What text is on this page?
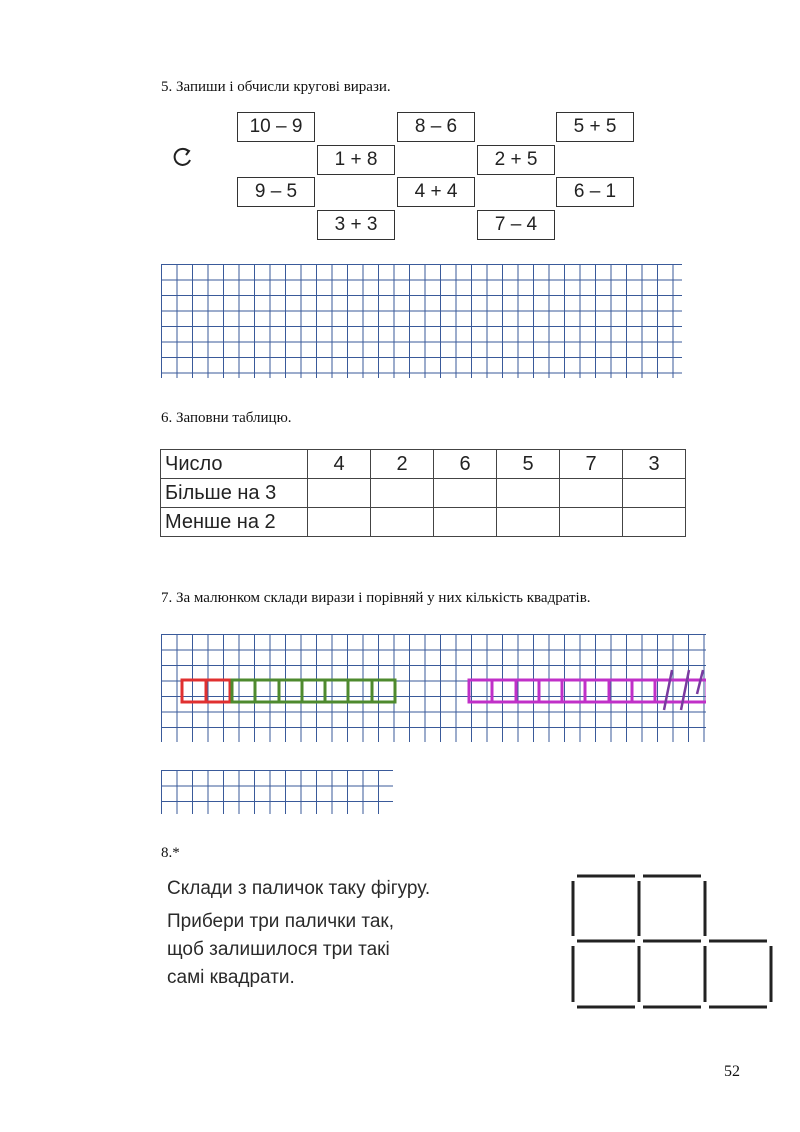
5. Запиши і обчисли кругові вирази.
10 – 9	8 – 6	5 + 5
1 + 8	2 + 5
9 – 5	4 + 4	6 – 1
3 + 3	7 – 4
6. Заповни таблицю.
Число	4	2	6	5	7	3
Більше на 3						
Менше на 2						
7. За малюнком склади вирази і порівняй у них кількість квадратів.
8.*
Склади з паличок таку фігуру.
Прибери три палички так,
щоб залишилося три такі
самі квадрати.
52
